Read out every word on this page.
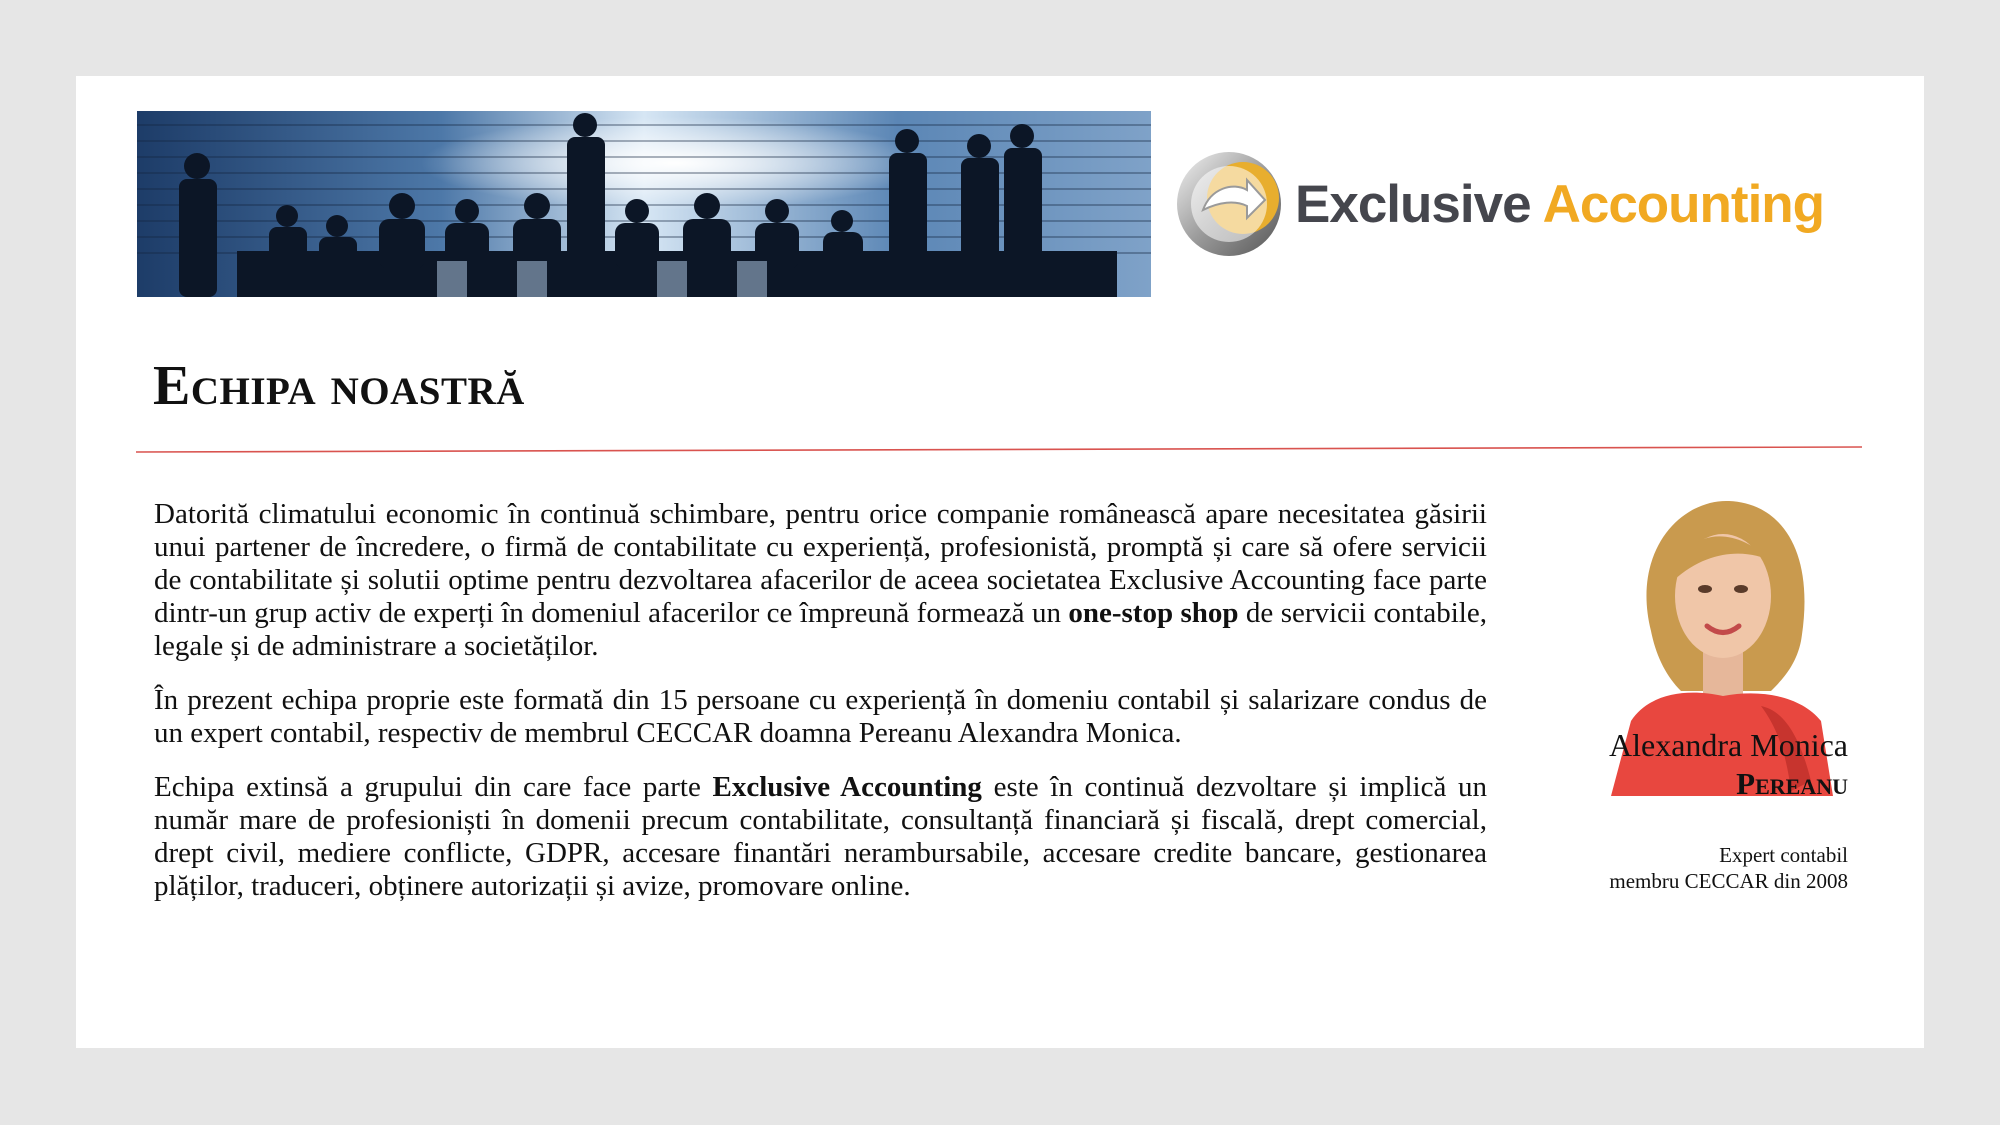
Exclusive Accounting
Echipa noastră

Datorită climatului economic în continuă schimbare, pentru orice companie românească apare necesitatea găsirii unui partener de încredere, o firmă de contabilitate cu experiență, profesionistă, promptă și care să ofere servicii de contabilitate și solutii optime pentru dezvoltarea afacerilor de aceea societatea Exclusive Accounting face parte dintr-un grup activ de experți în domeniul afacerilor ce împreună formează un one-stop shop de servicii contabile, legale și de administrare a societăților.

În prezent echipa proprie este formată din 15 persoane cu experiență în domeniu contabil și salarizare condus de un expert contabil, respectiv de membrul CECCAR doamna Pereanu Alexandra Monica.

Echipa extinsă a grupului din care face parte Exclusive Accounting este în continuă dezvoltare și implică un număr mare de profesioniști în domenii precum contabilitate, consultanță financiară și fiscală, drept comercial, drept civil, mediere conflicte, GDPR, accesare finantări nerambursabile, accesare credite bancare, gestionarea plăților, traduceri, obținere autorizații și avize, promovare online.

Alexandra Monica
Pereanu
Expert contabil
membru CECCAR din 2008
